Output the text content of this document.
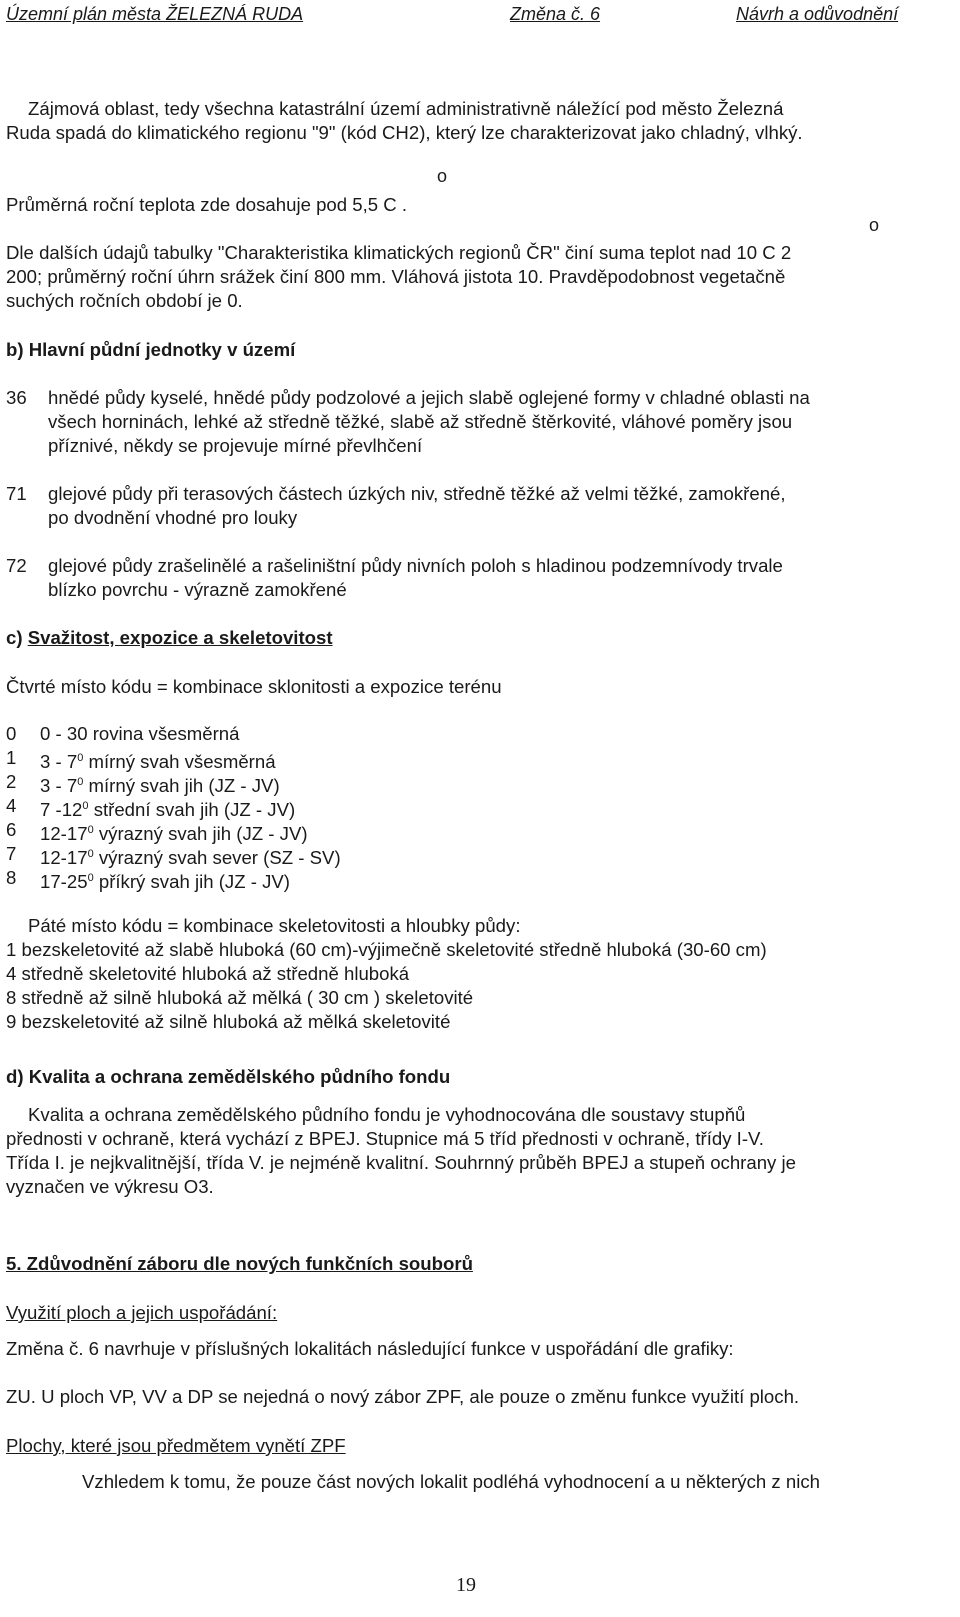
Územní plán města ŽELEZNÁ RUDA	Změna č. 6	Návrh a odůvodnění
Zájmová oblast, tedy všechna katastrální území administrativně náležící pod město Železná
Ruda spadá do klimatického regionu "9" (kód CH2), který lze charakterizovat jako chladný, vlhký.
o
Průměrná roční teplota zde dosahuje pod 5,5 C .
o
Dle dalších údajů tabulky "Charakteristika klimatických regionů ČR" činí suma teplot nad 10 C 2
200; průměrný roční úhrn srážek činí 800 mm. Vláhová jistota 10. Pravděpodobnost vegetačně
suchých ročních období je 0.
b) Hlavní půdní jednotky v území
36 hnědé půdy kyselé, hnědé půdy podzolové a jejich slabě oglejené formy v chladné oblasti na
všech horninách, lehké až středně těžké, slabě až středně štěrkovité, vláhové poměry jsou
příznivé, někdy se projevuje mírné převlhčení
71 glejové půdy při terasových částech úzkých niv, středně těžké až velmi těžké, zamokřené,
po dvodnění vhodné pro louky
72 glejové půdy zrašelinělé a rašeliništní půdy nivních poloh s hladinou podzemnívody trvale
blízko povrchu - výrazně zamokřené
c) Svažitost, expozice a skeletovitost
Čtvrté místo kódu = kombinace sklonitosti a expozice terénu
0 0 - 30 rovina všesměrná
1 $3 - 7^0$ mírný svah všesměrná
2 $3 - 7^0$ mírný svah jih (JZ - JV)
4 7 $-12^0$ střední svah jih (JZ - JV)
6 $12-17^0$ výrazný svah jih (JZ - JV)
7 $12-17^0$ výrazný svah sever (SZ - SV)
8 $17-25^0$ příkrý svah jih (JZ - JV)
Páté místo kódu = kombinace skeletovitosti a hloubky půdy:
1 bezskeletovité až slabě hluboká (60 cm)-výjimečně skeletovité středně hluboká (30-60 cm)
4 středně skeletovité hluboká až středně hluboká
8 středně až silně hluboká až mělká ( 30 cm ) skeletovité
9 bezskeletovité až silně hluboká až mělká skeletovité
d) Kvalita a ochrana zemědělského půdního fondu
Kvalita a ochrana zemědělského půdního fondu je vyhodnocována dle soustavy stupňů
přednosti v ochraně, která vychází z BPEJ. Stupnice má 5 tříd přednosti v ochraně, třídy I-V.
Třída I. je nejkvalitnější, třída V. je nejméně kvalitní. Souhrnný průběh BPEJ a stupeň ochrany je
vyznačen ve výkresu O3.
5. Zdůvodnění záboru dle nových funkčních souborů
Využití ploch a jejich uspořádání:
Změna č. 6 navrhuje v příslušných lokalitách následující funkce v uspořádání dle grafiky:
ZU. U ploch VP, VV a DP se nejedná o nový zábor ZPF, ale pouze o změnu funkce využití ploch.
Plochy, které jsou předmětem vynětí ZPF
Vzhledem k tomu, že pouze část nových lokalit podléhá vyhodnocení a u některých z nich
19
